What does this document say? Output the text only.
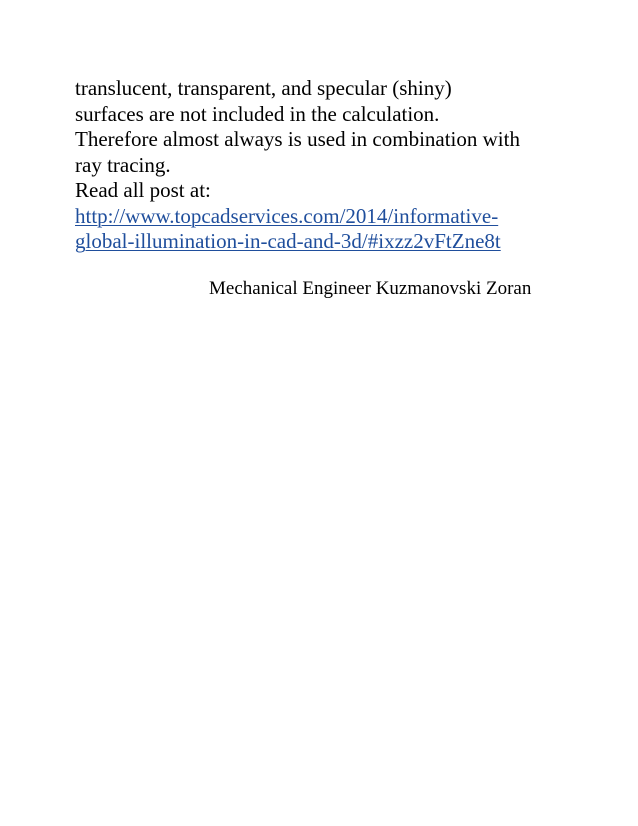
translucent, transparent, and specular (shiny)
surfaces are not included in the calculation.
Therefore almost always is used in combination with
ray tracing.
Read all post at:
http://www.topcadservices.com/2014/informative-
global-illumination-in-cad-and-3d/#ixzz2vFtZne8t
Mechanical Engineer Kuzmanovski Zoran
